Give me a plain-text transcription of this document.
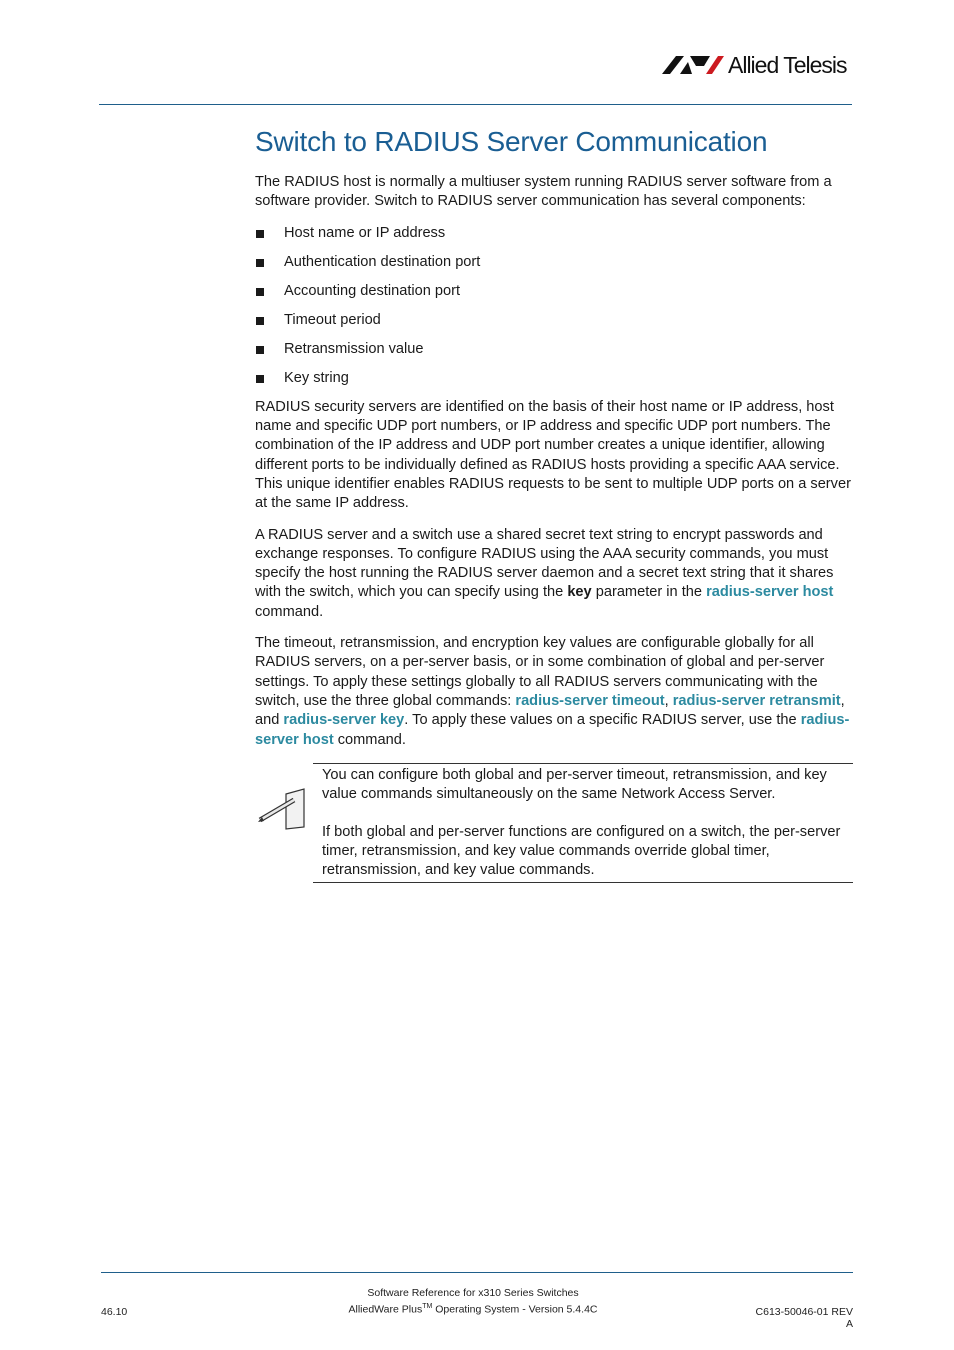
Allied Telesis
Switch to RADIUS Server Communication

The RADIUS host is normally a multiuser system running RADIUS server software from a software provider. Switch to RADIUS server communication has several components:

Host name or IP address
Authentication destination port
Accounting destination port
Timeout period
Retransmission value
Key string

RADIUS security servers are identified on the basis of their host name or IP address, host name and specific UDP port numbers, or IP address and specific UDP port numbers. The combination of the IP address and UDP port number creates a unique identifier, allowing different ports to be individually defined as RADIUS hosts providing a specific AAA service. This unique identifier enables RADIUS requests to be sent to multiple UDP ports on a server at the same IP address.

A RADIUS server and a switch use a shared secret text string to encrypt passwords and exchange responses. To configure RADIUS using the AAA security commands, you must specify the host running the RADIUS server daemon and a secret text string that it shares with the switch, which you can specify using the key parameter in the radius-server host command.

The timeout, retransmission, and encryption key values are configurable globally for all RADIUS servers, on a per-server basis, or in some combination of global and per-server settings. To apply these settings globally to all RADIUS servers communicating with the switch, use the three global commands: radius-server timeout, radius-server retransmit, and radius-server key. To apply these values on a specific RADIUS server, use the radius-server host command.

You can configure both global and per-server timeout, retransmission, and key value commands simultaneously on the same Network Access Server.

If both global and per-server functions are configured on a switch, the per-server timer, retransmission, and key value commands override global timer, retransmission, and key value commands.

Software Reference for x310 Series Switches
46.10	AlliedWare Plus™ Operating System - Version 5.4.4C	C613-50046-01 REV A
